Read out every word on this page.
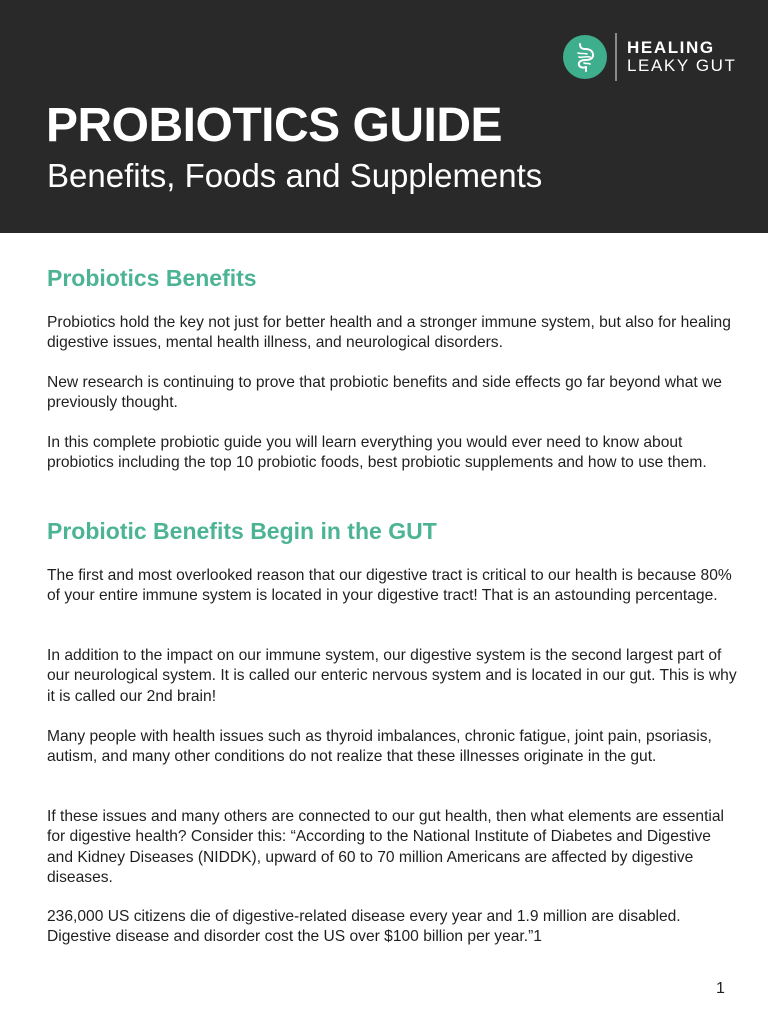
HEALING
LEAKY GUT
PROBIOTICS GUIDE
Benefits, Foods and Supplements
Probiotics Benefits

Probiotics hold the key not just for better health and a stronger immune system, but also for healing digestive issues, mental health illness, and neurological disorders.

New research is continuing to prove that probiotic benefits and side effects go far beyond what we previously thought.

In this complete probiotic guide you will learn everything you would ever need to know about probiotics including the top 10 probiotic foods, best probiotic supplements and how to use them.

Probiotic Benefits Begin in the GUT

The first and most overlooked reason that our digestive tract is critical to our health is because 80% of your entire immune system is located in your digestive tract! That is an astounding percentage.

In addition to the impact on our immune system, our digestive system is the second largest part of our neurological system. It is called our enteric nervous system and is located in our gut. This is why it is called our 2nd brain!

Many people with health issues such as thyroid imbalances, chronic fatigue, joint pain, psoriasis, autism, and many other conditions do not realize that these illnesses originate in the gut.

If these issues and many others are connected to our gut health, then what elements are essential for digestive health? Consider this: “According to the National Institute of Diabetes and Digestive and Kidney Diseases (NIDDK), upward of 60 to 70 million Americans are affected by digestive diseases.

236,000 US citizens die of digestive-related disease every year and 1.9 million are disabled. Digestive disease and disorder cost the US over $100 billion per year.”1

1
